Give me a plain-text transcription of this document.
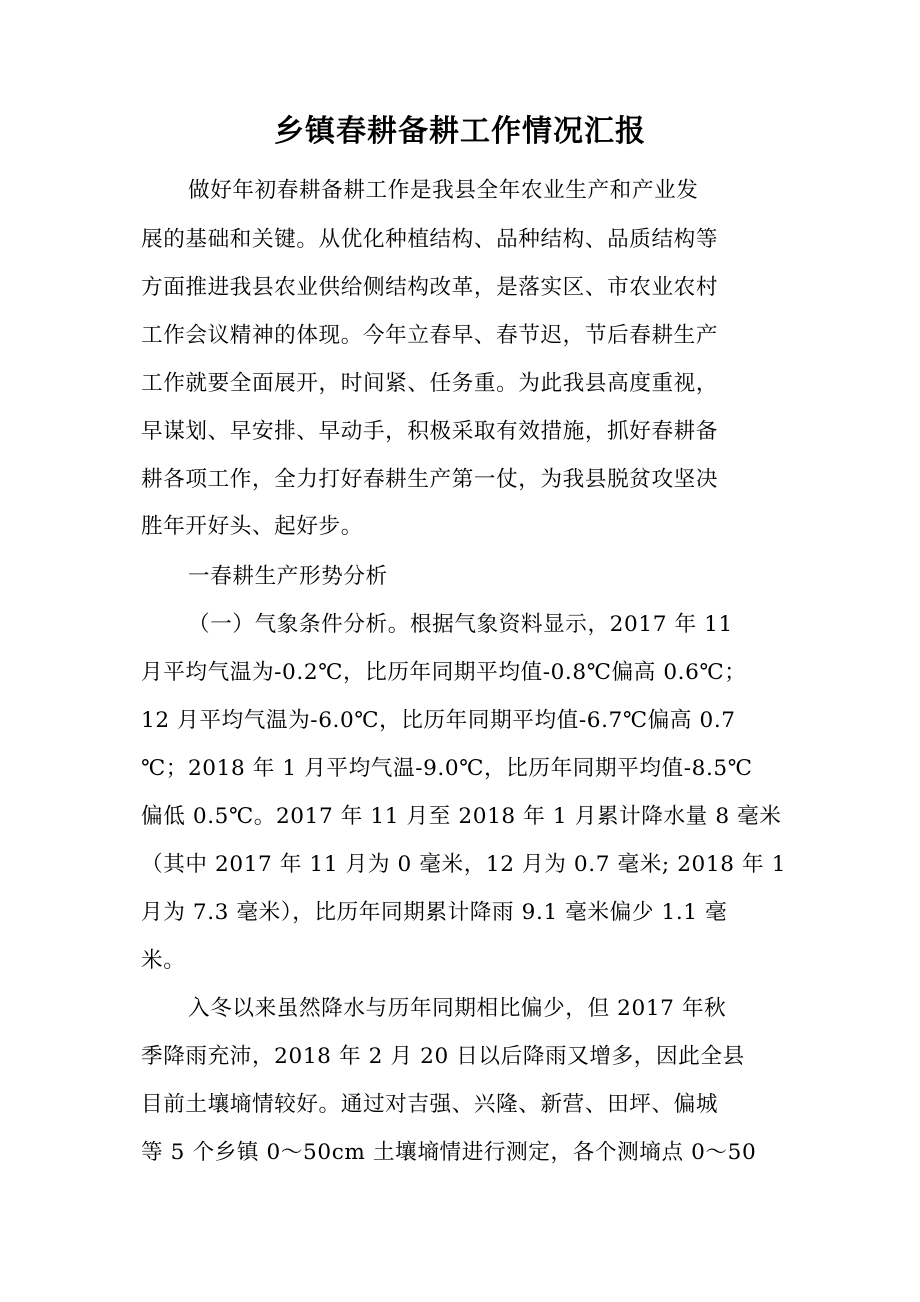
乡镇春耕备耕工作情况汇报
做好年初春耕备耕工作是我县全年农业生产和产业发
展的基础和关键。从优化种植结构、品种结构、品质结构等
方面推进我县农业供给侧结构改革，是落实区、市农业农村
工作会议精神的体现。今年立春早、春节迟，节后春耕生产
工作就要全面展开，时间紧、任务重。为此我县高度重视，
早谋划、早安排、早动手，积极采取有效措施，抓好春耕备
耕各项工作，全力打好春耕生产第一仗，为我县脱贫攻坚决
胜年开好头、起好步。
一春耕生产形势分析
（一）气象条件分析。根据气象资料显示，2017 年 11
月平均气温为-0.2℃，比历年同期平均值-0.8℃偏高 0.6℃；
12 月平均气温为-6.0℃，比历年同期平均值-6.7℃偏高 0.7
℃；2018 年 1 月平均气温-9.0℃，比历年同期平均值-8.5℃
偏低 0.5℃。2017 年 11 月至 2018 年 1 月累计降水量 8 毫米
（其中 2017 年 11 月为 0 毫米，12 月为 0.7 毫米; 2018 年 1
月为 7.3 毫米），比历年同期累计降雨 9.1 毫米偏少 1.1 毫
米。
入冬以来虽然降水与历年同期相比偏少，但 2017 年秋
季降雨充沛，2018 年 2 月 20 日以后降雨又增多，因此全县
目前土壤墒情较好。通过对吉强、兴隆、新营、田坪、偏城
等 5 个乡镇 0～50cm 土壤墒情进行测定，各个测墒点 0～50
